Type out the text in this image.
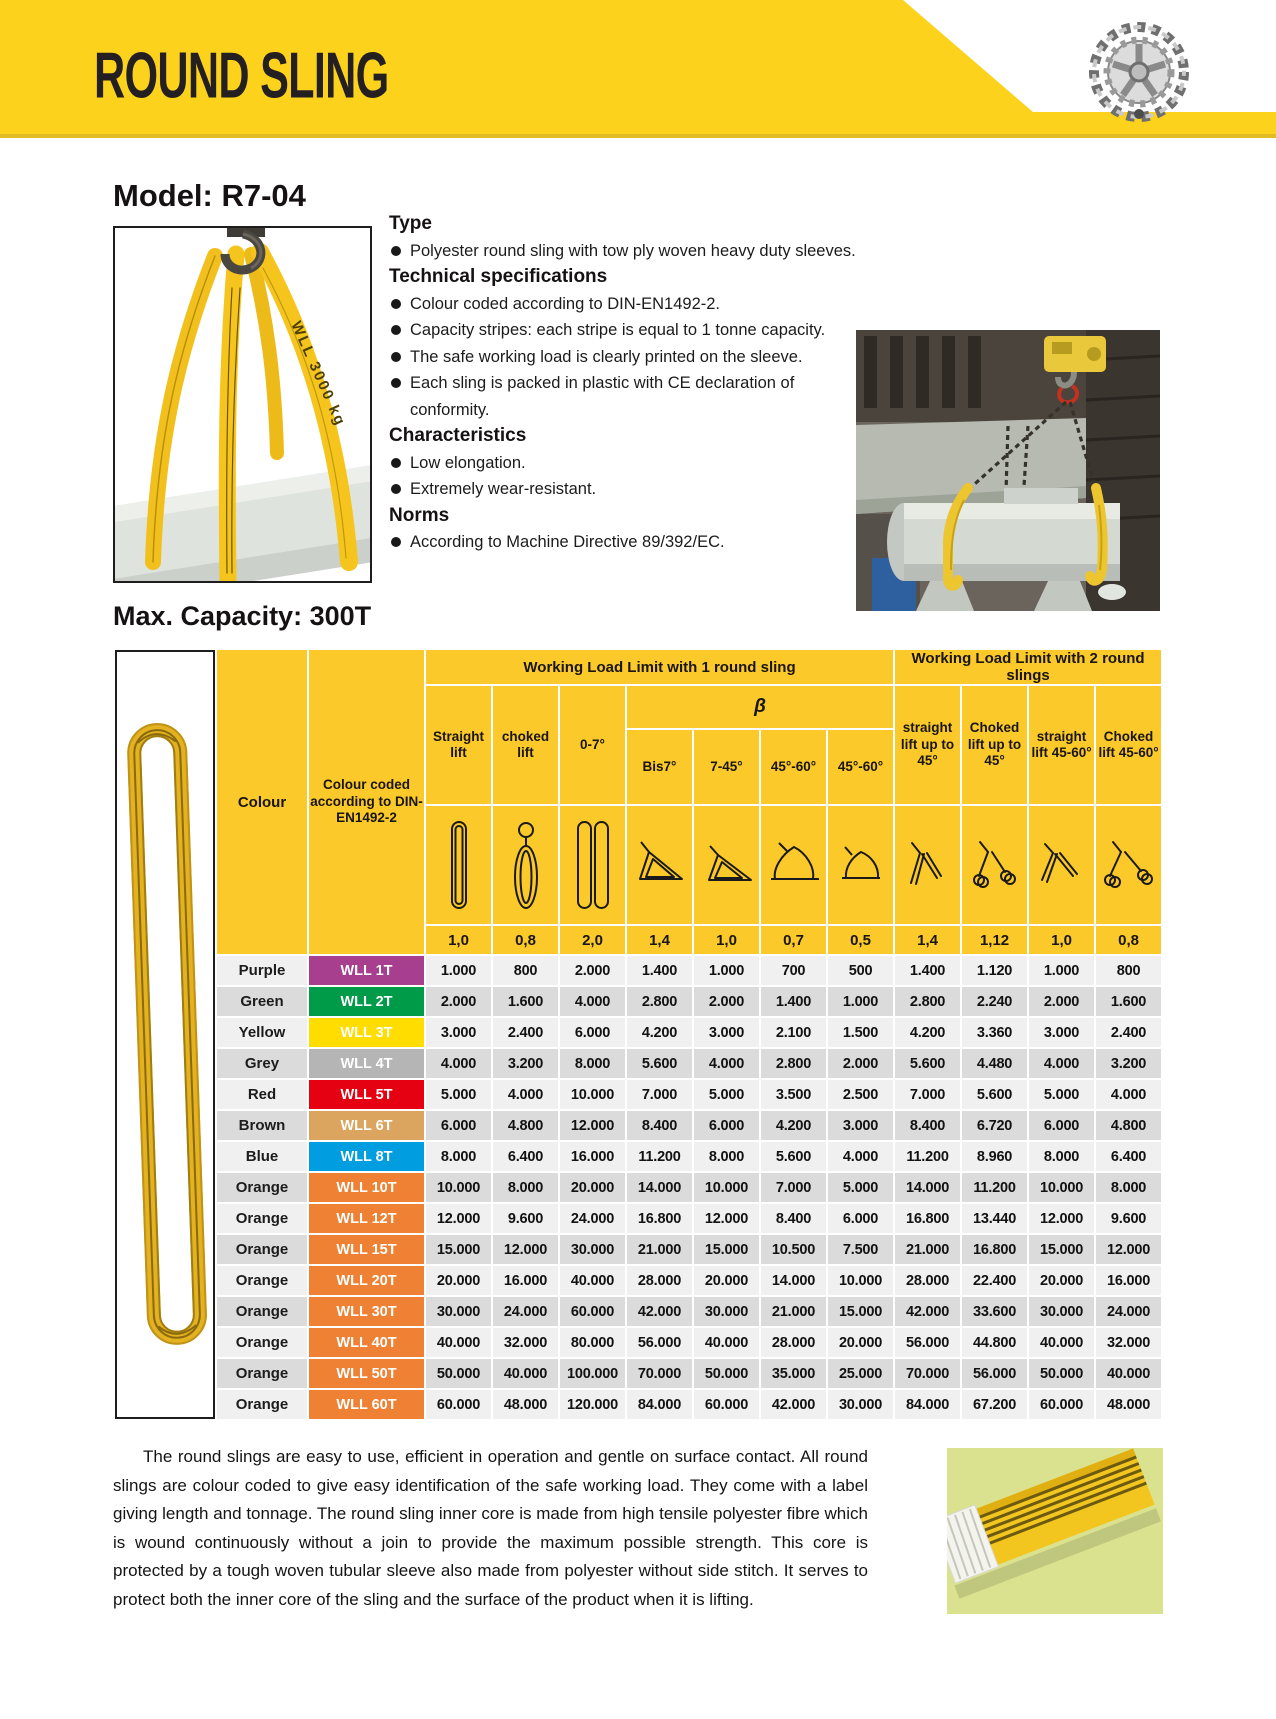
ROUND SLING
Model: R7-04
Max. Capacity: 300T
WLL 3000 kg
Type
Polyester round sling with tow ply woven heavy duty sleeves.
Technical specifications
Colour coded according to DIN-EN1492-2.
Capacity stripes: each stripe is equal to 1 tonne capacity.
The safe working load is clearly printed on the sleeve.
Each sling is packed in plastic with CE declaration of conformity.
Characteristics
Low elongation.
Extremely wear-resistant.
Norms
According to Machine Directive 89/392/EC.
	Colour	Colour coded according to DIN-EN1492-2	Working Load Limit with 1 round sling							Working Load Limit with 2 round slings			
			Straight lift	choked lift	0-7°	β				straight lift up to 45°	Choked lift up to 45°	straight lift 45-60°	Choked lift 45-60°
						Bis7°	7-45°	45°-60°	45°-60°				

			1,0	0,8	2,0	1,4	1,0	0,7	0,5	1,4	1,12	1,0	0,8
	Purple	WLL 1T	1.000	800	2.000	1.400	1.000	700	500	1.400	1.120	1.000	800
	Green	WLL 2T	2.000	1.600	4.000	2.800	2.000	1.400	1.000	2.800	2.240	2.000	1.600
	Yellow	WLL 3T	3.000	2.400	6.000	4.200	3.000	2.100	1.500	4.200	3.360	3.000	2.400
	Grey	WLL 4T	4.000	3.200	8.000	5.600	4.000	2.800	2.000	5.600	4.480	4.000	3.200
	Red	WLL 5T	5.000	4.000	10.000	7.000	5.000	3.500	2.500	7.000	5.600	5.000	4.000
	Brown	WLL 6T	6.000	4.800	12.000	8.400	6.000	4.200	3.000	8.400	6.720	6.000	4.800
	Blue	WLL 8T	8.000	6.400	16.000	11.200	8.000	5.600	4.000	11.200	8.960	8.000	6.400
	Orange	WLL 10T	10.000	8.000	20.000	14.000	10.000	7.000	5.000	14.000	11.200	10.000	8.000
	Orange	WLL 12T	12.000	9.600	24.000	16.800	12.000	8.400	6.000	16.800	13.440	12.000	9.600
	Orange	WLL 15T	15.000	12.000	30.000	21.000	15.000	10.500	7.500	21.000	16.800	15.000	12.000
	Orange	WLL 20T	20.000	16.000	40.000	28.000	20.000	14.000	10.000	28.000	22.400	20.000	16.000
	Orange	WLL 30T	30.000	24.000	60.000	42.000	30.000	21.000	15.000	42.000	33.600	30.000	24.000
	Orange	WLL 40T	40.000	32.000	80.000	56.000	40.000	28.000	20.000	56.000	44.800	40.000	32.000
	Orange	WLL 50T	50.000	40.000	100.000	70.000	50.000	35.000	25.000	70.000	56.000	50.000	40.000
	Orange	WLL 60T	60.000	48.000	120.000	84.000	60.000	42.000	30.000	84.000	67.200	60.000	48.000
The round slings are easy to use, efficient in operation and gentle on surface contact. All round slings are colour coded to give easy identification of the safe working load. They come with a label giving length and tonnage. The round sling inner core is made from high tensile polyester fibre which is wound continuously without a join to provide the maximum possible strength. This core is protected by a tough woven tubular sleeve also made from polyester without side stitch. It serves to protect both the inner core of the sling and the surface of the product when it is lifting.
